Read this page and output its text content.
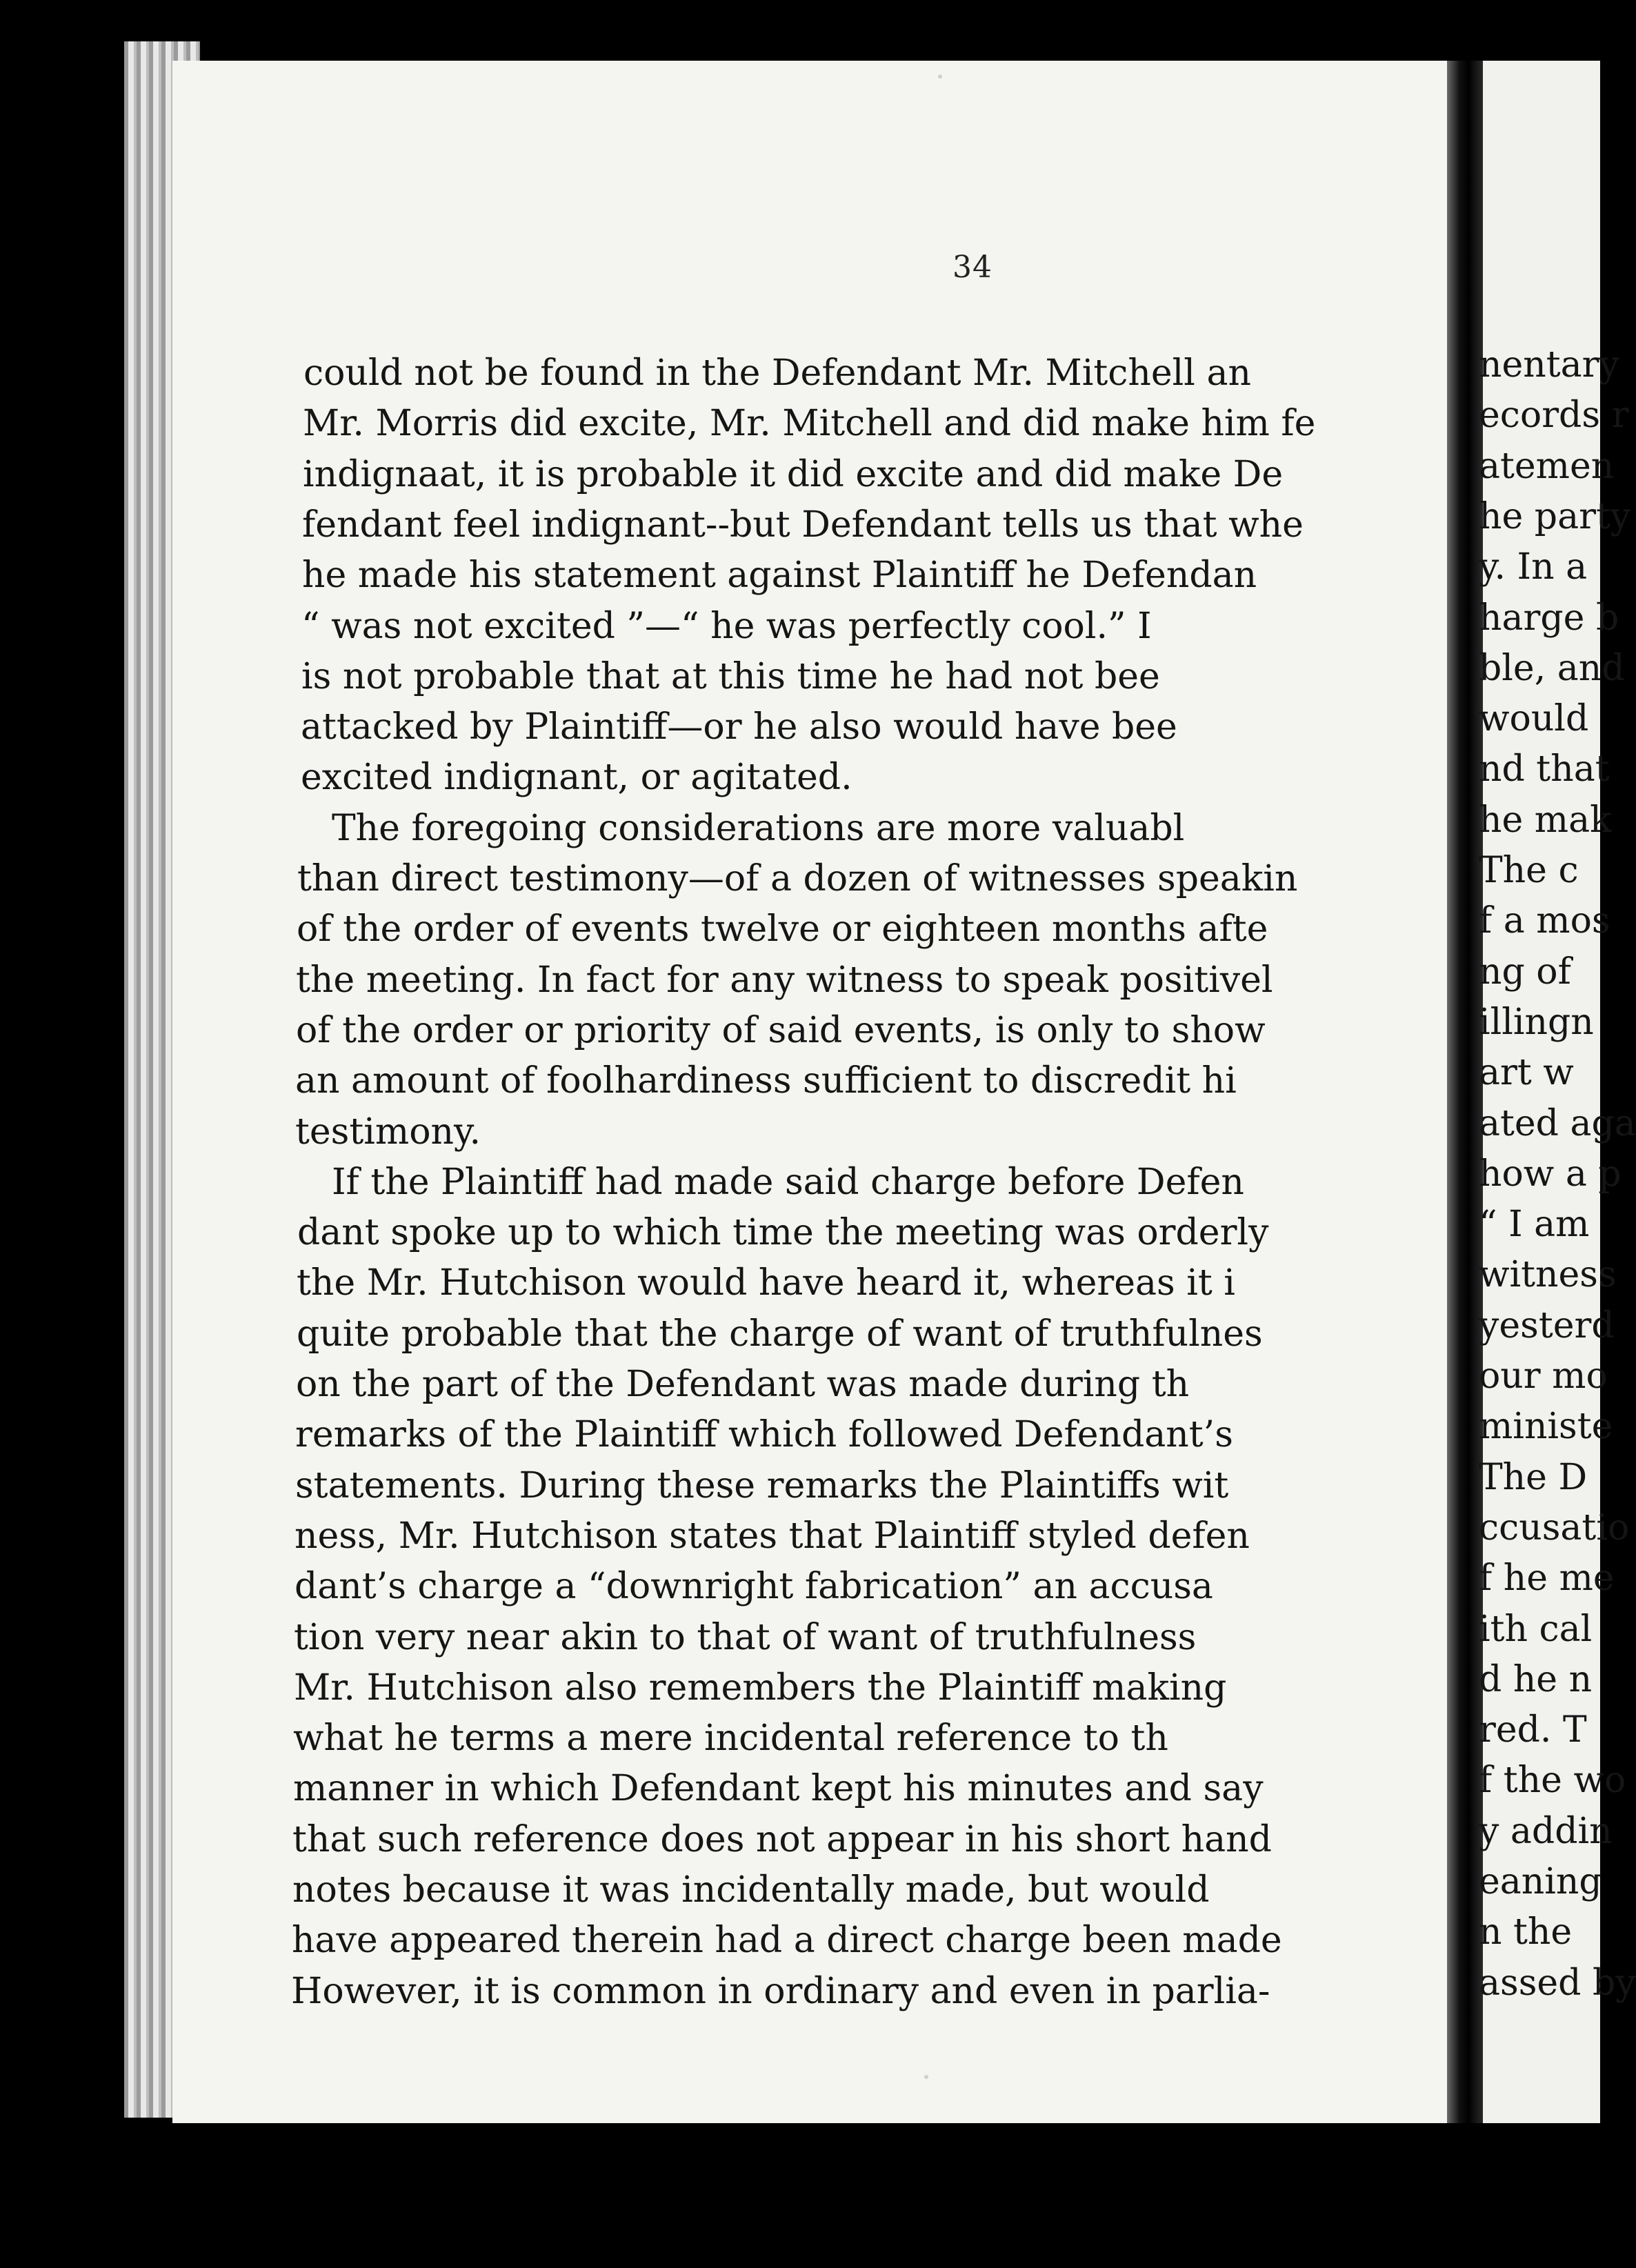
34
could not be found in the Defendant Mr. Mitchell an
Mr. Morris did excite, Mr. Mitchell and did make him fe
indignaat, it is probable it did excite and did make De
fendant feel indignant--but Defendant tells us that whe
he made his statement against Plaintiff he Defendan
“ was not excited ”—“ he was perfectly cool.” I
is not probable that at this time he had not bee
attacked by Plaintiff—or he also would have bee
excited indignant, or agitated.
The foregoing considerations are more valuabl
than direct testimony—of a dozen of witnesses speakin
of the order of events twelve or eighteen months afte
the meeting. In fact for any witness to speak positivel
of the order or priority of said events, is only to show
an amount of foolhardiness sufficient to discredit hi
testimony.
If the Plaintiff had made said charge before Defen
dant spoke up to which time the meeting was orderly
the Mr. Hutchison would have heard it, whereas it i
quite probable that the charge of want of truthfulnes
on the part of the Defendant was made during th
remarks of the Plaintiff which followed Defendant’s
statements. During these remarks the Plaintiffs wit
ness, Mr. Hutchison states that Plaintiff styled defen
dant’s charge a “downright fabrication” an accusa
tion very near akin to that of want of truthfulness
Mr. Hutchison also remembers the Plaintiff making
what he terms a mere incidental reference to th
manner in which Defendant kept his minutes and say
that such reference does not appear in his short hand
notes because it was incidentally made, but would
have appeared therein had a direct charge been made
However, it is common in ordinary and even in parlia-
nentary
ecords r
atemen
he party
y. In a
harge b
ble, and
would
nd that
he mak
The c
f a mos
ng of
illingn
art w
ated aga
how a p
“ I am
witness
yesterd
our mo
ministe
The D
ccusatio
f he me
ith cal
d he n
red. T
f the wo
y addin
eaning
n the
assed by
